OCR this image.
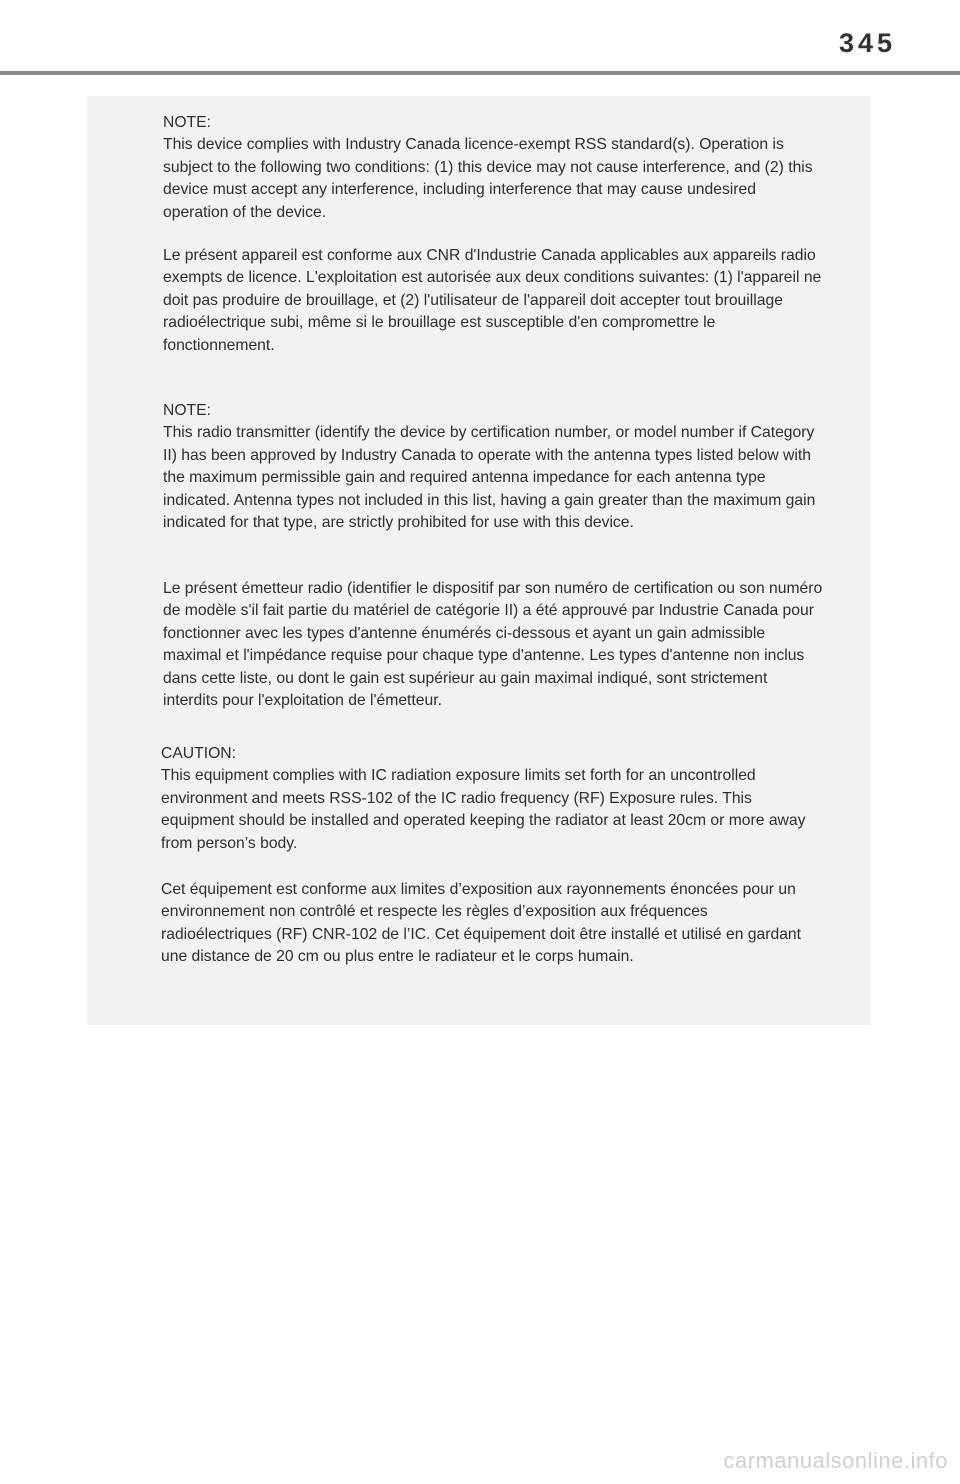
345
NOTE:

This device complies with Industry Canada licence-exempt RSS standard(s). Operation is subject to the following two conditions: (1) this device may not cause interference, and (2) this device must accept any interference, including interference that may cause undesired operation of the device.

Le présent appareil est conforme aux CNR d'Industrie Canada applicables aux appareils radio exempts de licence. L'exploitation est autorisée aux deux conditions suivantes: (1) l'appareil ne doit pas produire de brouillage, et (2) l'utilisateur de l'appareil doit accepter tout brouillage radioélectrique subi, même si le brouillage est susceptible d'en compromettre le fonctionnement.

NOTE:

This radio transmitter (identify the device by certification number, or model number if Category II) has been approved by Industry Canada to operate with the antenna types listed below with the maximum permissible gain and required antenna impedance for each antenna type indicated. Antenna types not included in this list, having a gain greater than the maximum gain indicated for that type, are strictly prohibited for use with this device.

Le présent émetteur radio (identifier le dispositif par son numéro de certification ou son numéro de modèle s'il fait partie du matériel de catégorie II) a été approuvé par Industrie Canada pour fonctionner avec les types d'antenne énumérés ci-dessous et ayant un gain admissible maximal et l'impédance requise pour chaque type d'antenne. Les types d'antenne non inclus dans cette liste, ou dont le gain est supérieur au gain maximal indiqué, sont strictement interdits pour l'exploitation de l'émetteur.

CAUTION:

This equipment complies with IC radiation exposure limits set forth for an uncontrolled environment and meets RSS-102 of the IC radio frequency (RF) Exposure rules. This equipment should be installed and operated keeping the radiator at least 20cm or more away from person’s body.

Cet équipement est conforme aux limites d’exposition aux rayonnements énoncées pour un environnement non contrôlé et respecte les règles d’exposition aux fréquences radioélectriques (RF) CNR-102 de l’IC. Cet équipement doit être installé et utilisé en gardant une distance de 20 cm ou plus entre le radiateur et le corps humain.

carmanualsonline.info
